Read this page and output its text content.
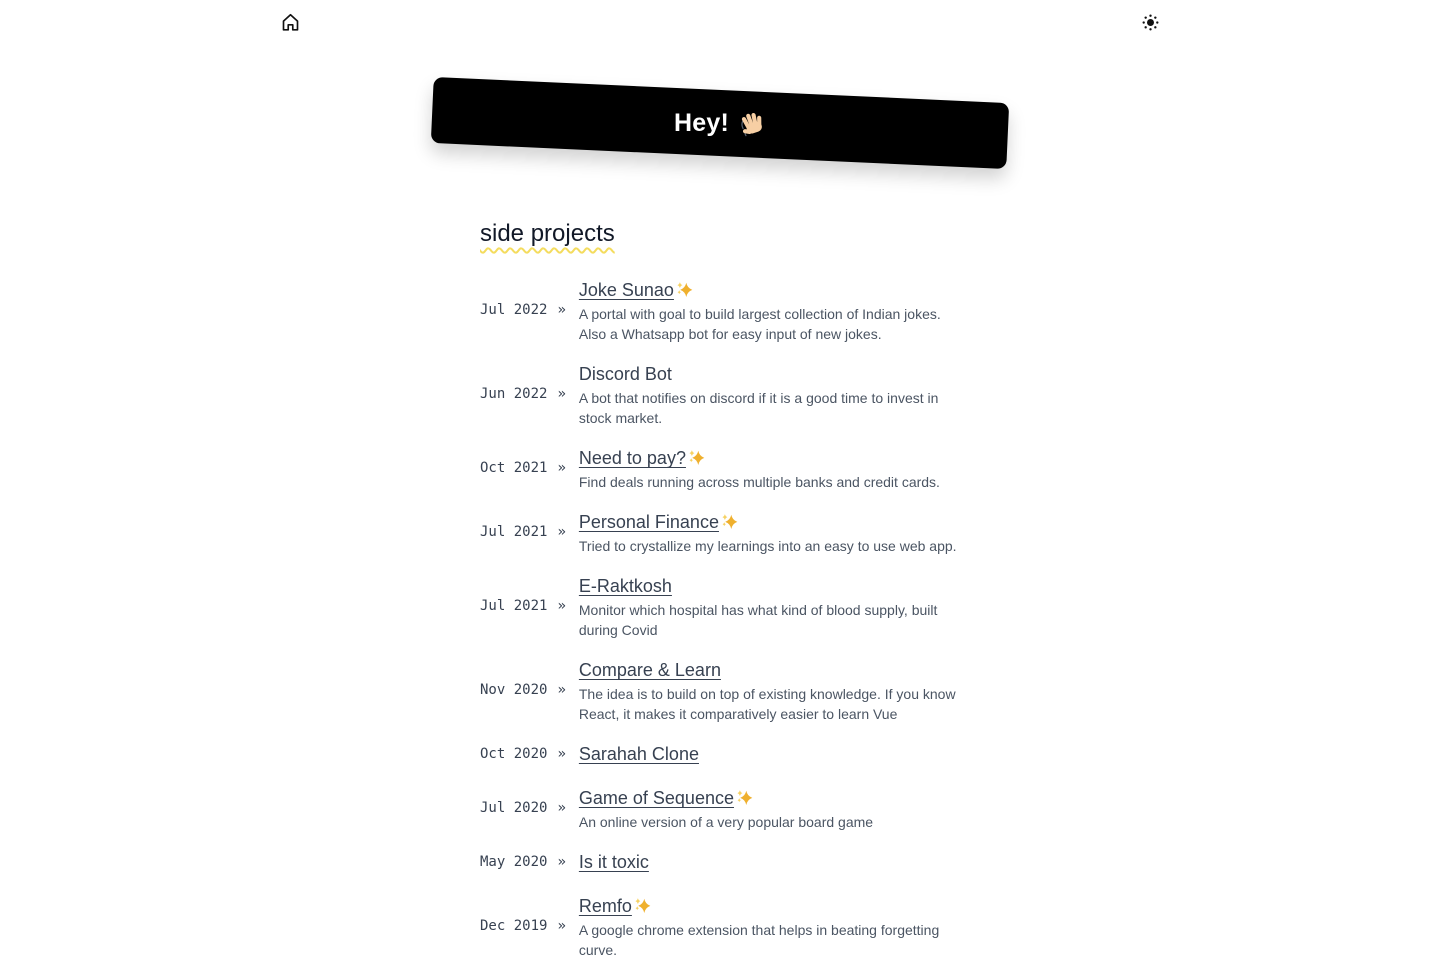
Hey!
side projects
Jul 2022 »
Joke Sunao
A portal with goal to build largest collection of Indian jokes. Also a Whatsapp bot for easy input of new jokes.
Jun 2022 »
Discord Bot
A bot that notifies on discord if it is a good time to invest in stock market.
Oct 2021 » Need to pay?
Find deals running across multiple banks and credit cards.
Jul 2021 » Personal Finance
Tried to crystallize my learnings into an easy to use web app.
Jul 2021 »
E-Raktkosh
Monitor which hospital has what kind of blood supply, built during Covid
Nov 2020 »
Compare & Learn
The idea is to build on top of existing knowledge. If you know React, it makes it comparatively easier to learn Vue
Oct 2020 » Sarahah Clone
Jul 2020 » Game of Sequence
An online version of a very popular board game
May 2020 » Is it toxic
Dec 2019 »
Remfo
A google chrome extension that helps in beating forgetting curve.
